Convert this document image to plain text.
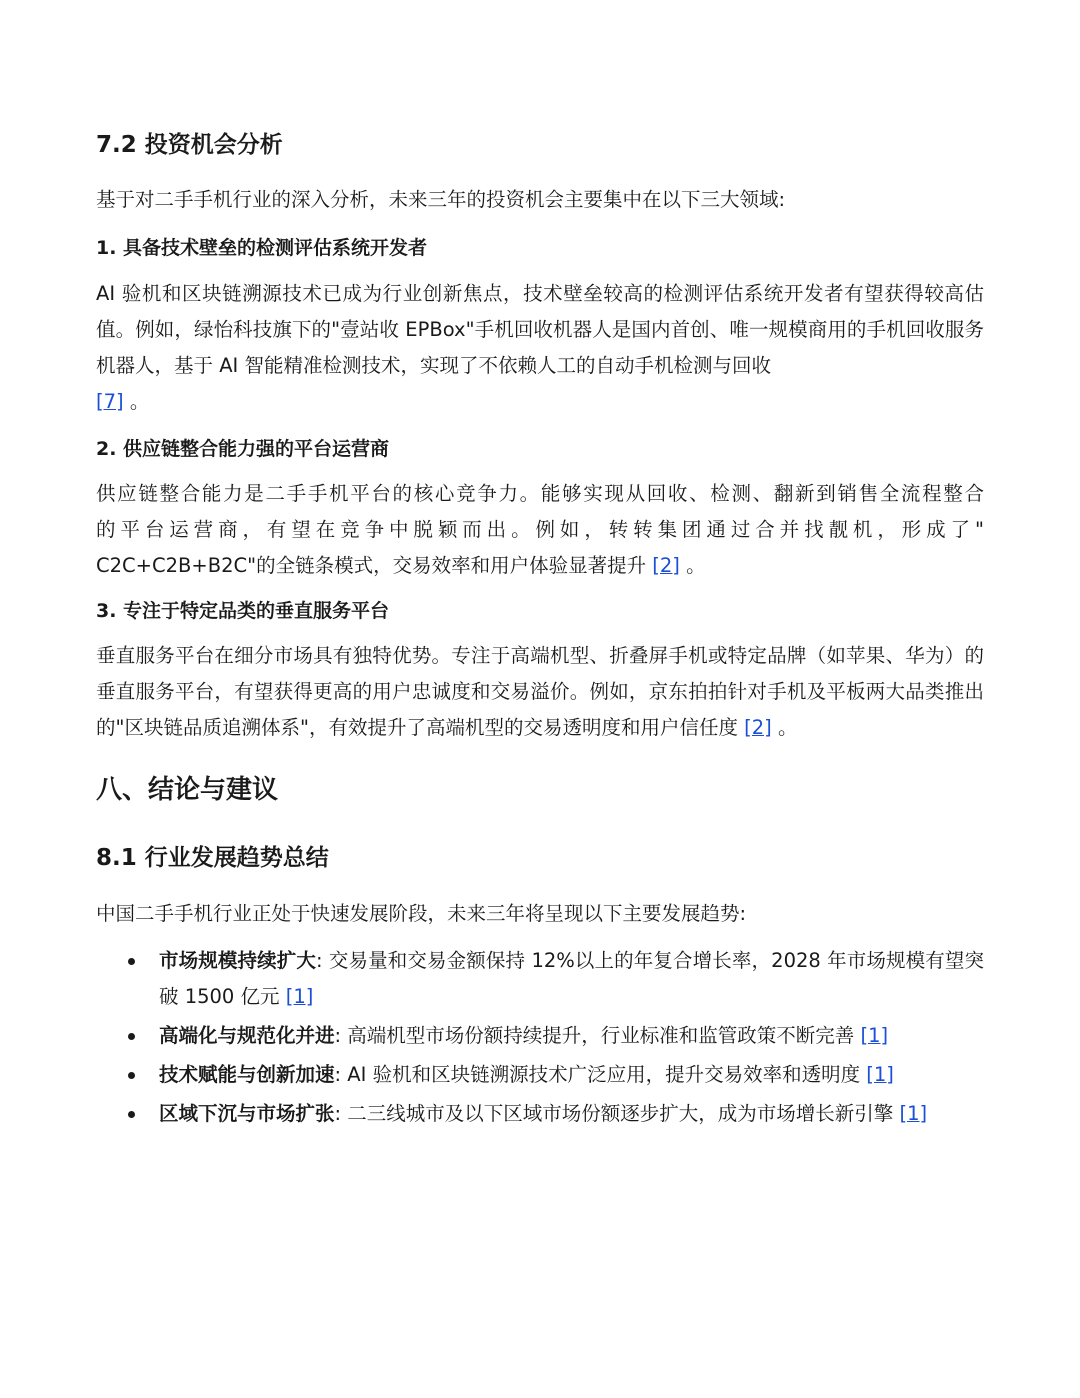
7.2 投资机会分析

基于对二手手机行业的深入分析，未来三年的投资机会主要集中在以下三大领域:

1. 具备技术壁垒的检测评估系统开发者

AI 验机和区块链溯源技术已成为行业创新焦点，技术壁垒较高的检测评估系统开发者有望获得较高估值。例如，绿怡科技旗下的"壹站收 EPBox"手机回收机器人是国内首创、唯一规模商用的手机回收服务机器人，基于 AI 智能精准检测技术，实现了不依赖人工的自动手机检测与回收
[7] 。

2. 供应链整合能力强的平台运营商
供应链整合能力是二手手机平台的核心竞争力。能够实现从回收、检测、翻新到销售全流程整合
的平台运营商，有望在竞争中脱颖而出。例如，转转集团通过合并找靓机，形成了"
C2C+C2B+B2C"的全链条模式，交易效率和用户体验显著提升 [2] 。
3. 专注于特定品类的垂直服务平台

垂直服务平台在细分市场具有独特优势。专注于高端机型、折叠屏手机或特定品牌（如苹果、华为）的垂直服务平台，有望获得更高的用户忠诚度和交易溢价。例如，京东拍拍针对手机及平板两大品类推出的"区块链品质追溯体系"，有效提升了高端机型的交易透明度和用户信任度 [2] 。

八、结论与建议
8.1 行业发展趋势总结

中国二手手机行业正处于快速发展阶段，未来三年将呈现以下主要发展趋势:

市场规模持续扩大: 交易量和交易金额保持 12%以上的年复合增长率，2028 年市场规模有望突破 1500 亿元 [1]
高端化与规范化并进: 高端机型市场份额持续提升，行业标准和监管政策不断完善 [1]
技术赋能与创新加速: AI 验机和区块链溯源技术广泛应用，提升交易效率和透明度 [1]
区域下沉与市场扩张: 二三线城市及以下区域市场份额逐步扩大，成为市场增长新引擎 [1]
